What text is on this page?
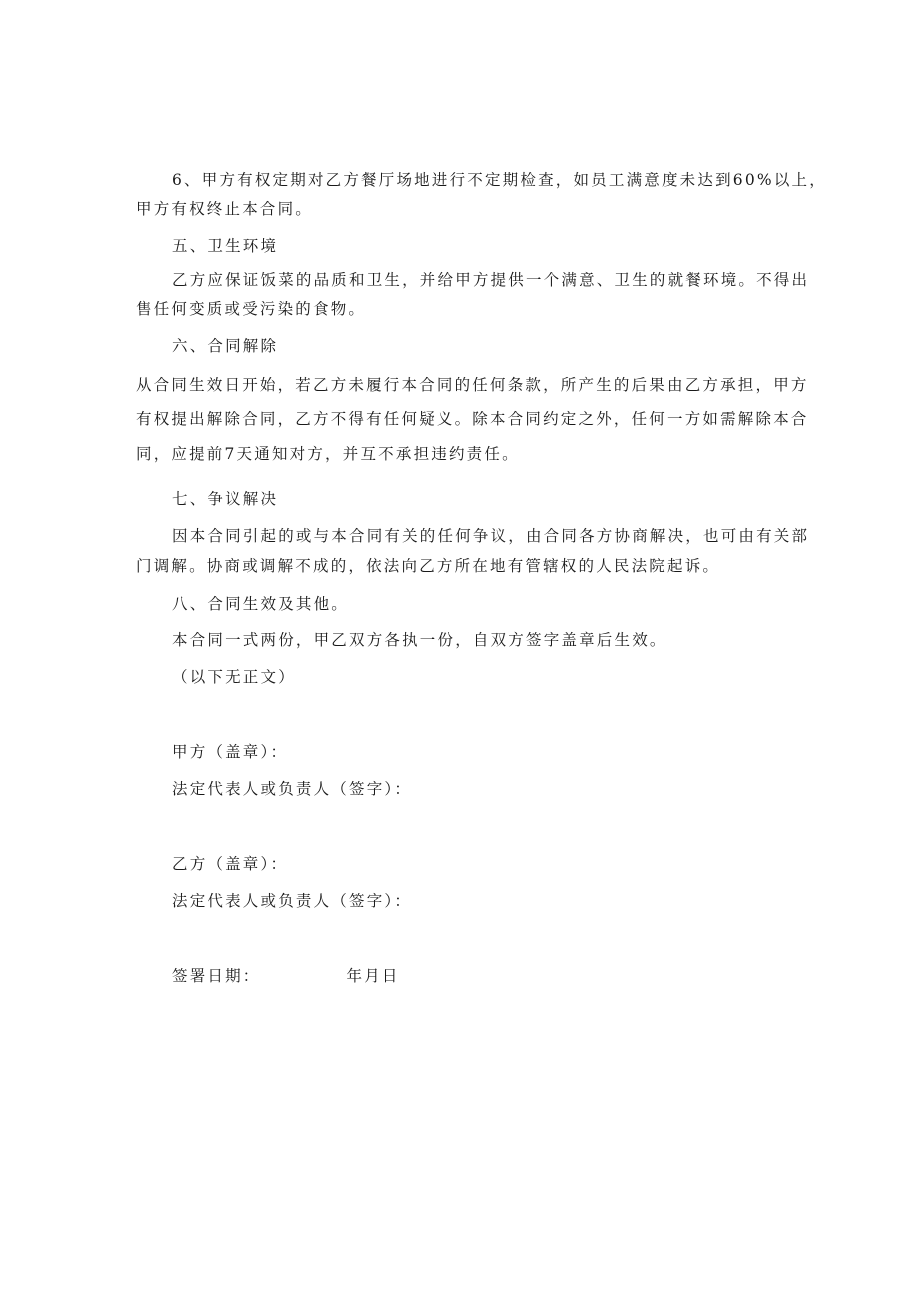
6、甲方有权定期对乙方餐厅场地进行不定期检查，如员工满意度未达到60%以上，
甲方有权终止本合同。
五、卫生环境
乙方应保证饭菜的品质和卫生，并给甲方提供一个满意、卫生的就餐环境。不得出
售任何变质或受污染的食物。
六、合同解除
从合同生效日开始，若乙方未履行本合同的任何条款，所产生的后果由乙方承担，甲方
有权提出解除合同，乙方不得有任何疑义。除本合同约定之外，任何一方如需解除本合
同，应提前7天通知对方，并互不承担违约责任。
七、争议解决
因本合同引起的或与本合同有关的任何争议，由合同各方协商解决，也可由有关部
门调解。协商或调解不成的，依法向乙方所在地有管辖权的人民法院起诉。
八、合同生效及其他。
本合同一式两份，甲乙双方各执一份，自双方签字盖章后生效。
（以下无正文）
甲方（盖章）：
法定代表人或负责人（签字）：
乙方（盖章）：
法定代表人或负责人（签字）：
签署日期：	年月日
